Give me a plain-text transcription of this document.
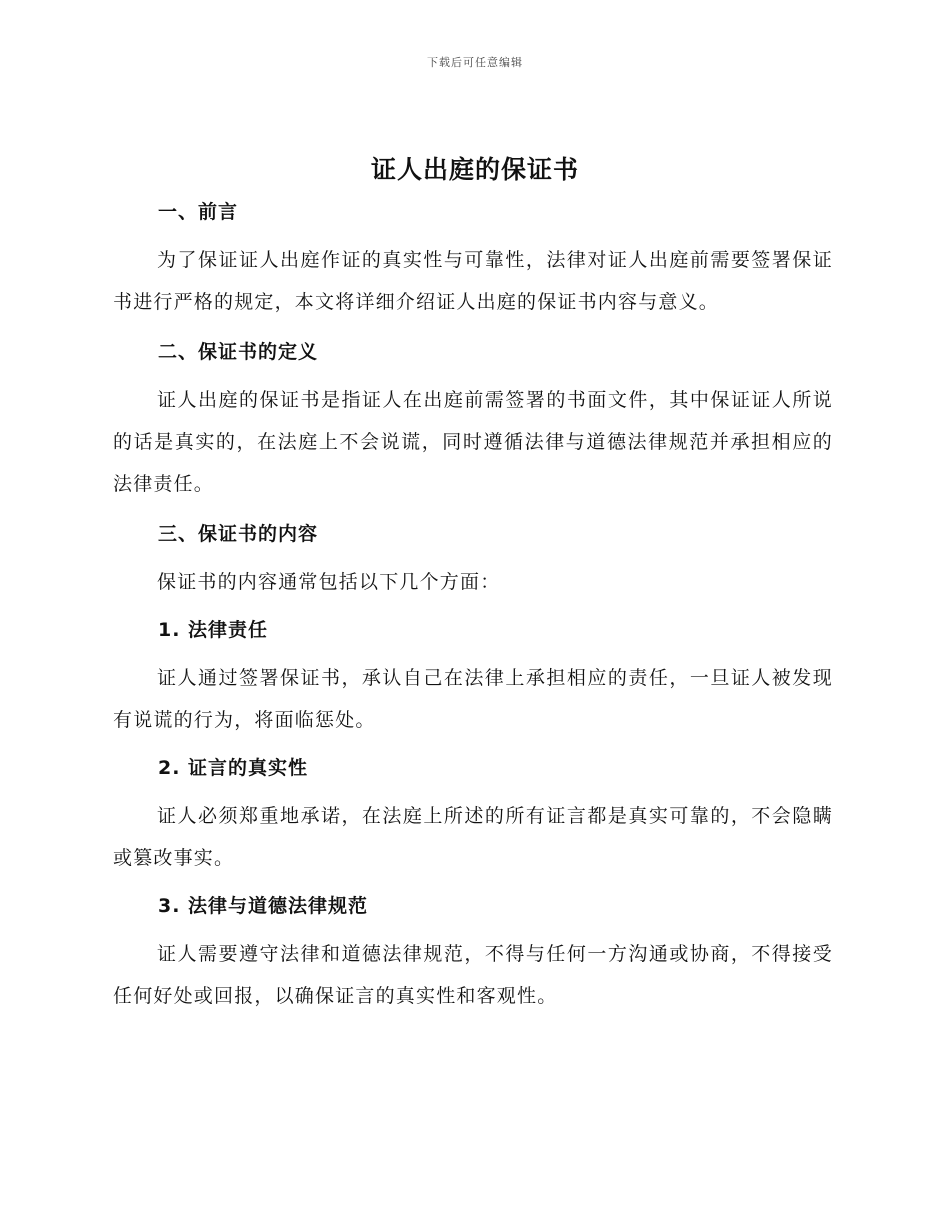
下载后可任意编辑
证人出庭的保证书
一、前言

为了保证证人出庭作证的真实性与可靠性，法律对证人出庭前需要签署保证书进行严格的规定，本文将详细介绍证人出庭的保证书内容与意义。

二、保证书的定义

证人出庭的保证书是指证人在出庭前需签署的书面文件，其中保证证人所说的话是真实的，在法庭上不会说谎，同时遵循法律与道德法律规范并承担相应的法律责任。

三、保证书的内容

保证书的内容通常包括以下几个方面：

1. 法律责任

证人通过签署保证书，承认自己在法律上承担相应的责任，一旦证人被发现有说谎的行为，将面临惩处。

2. 证言的真实性

证人必须郑重地承诺，在法庭上所述的所有证言都是真实可靠的，不会隐瞒或篡改事实。

3. 法律与道德法律规范

证人需要遵守法律和道德法律规范，不得与任何一方沟通或协商，不得接受任何好处或回报，以确保证言的真实性和客观性。
